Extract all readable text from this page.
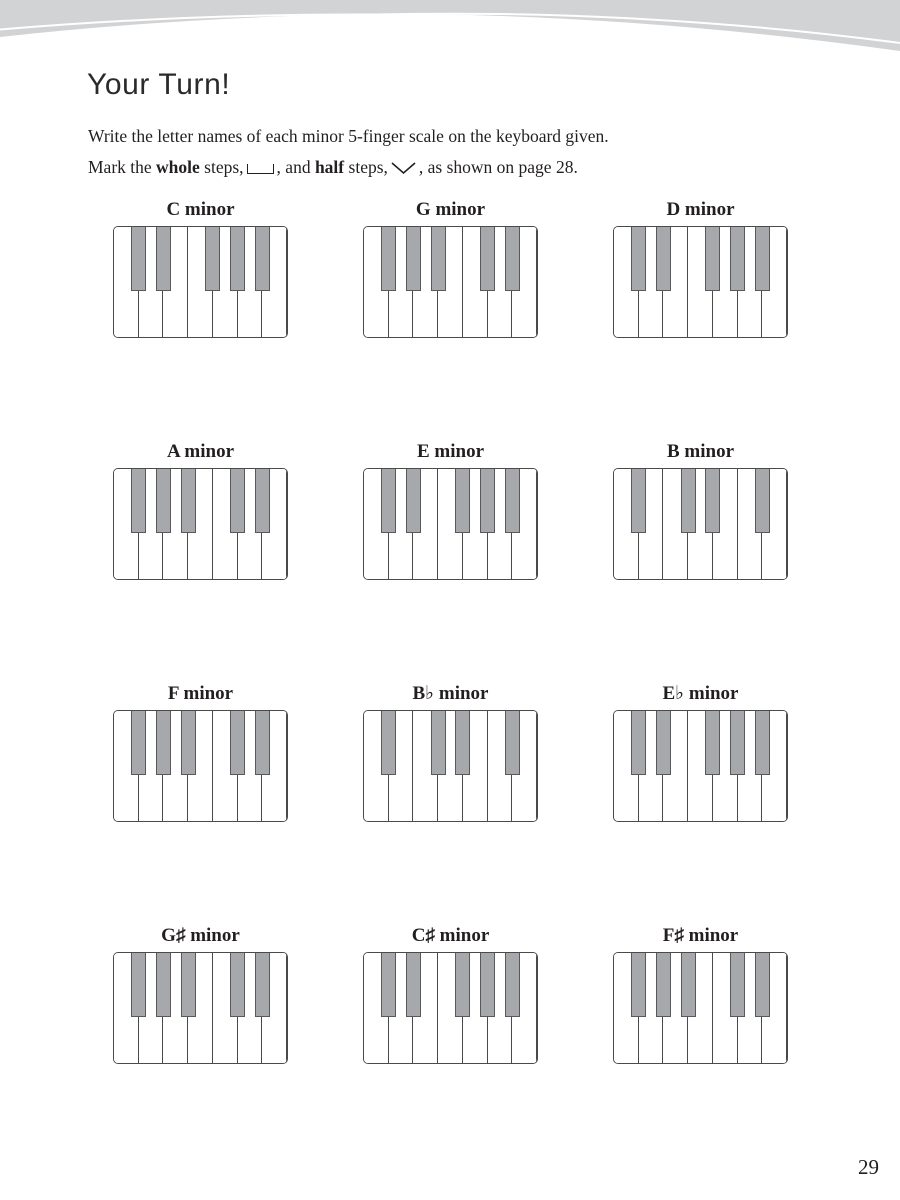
Your Turn!

Write the letter names of each minor 5-finger scale on the keyboard given.

Mark the whole steps, , and half steps, , as shown on page 28.

C minor	G minor	D minor
A minor	E minor	B minor
F minor	B♭ minor	E♭ minor
G♯ minor	C♯ minor	F♯ minor
29
